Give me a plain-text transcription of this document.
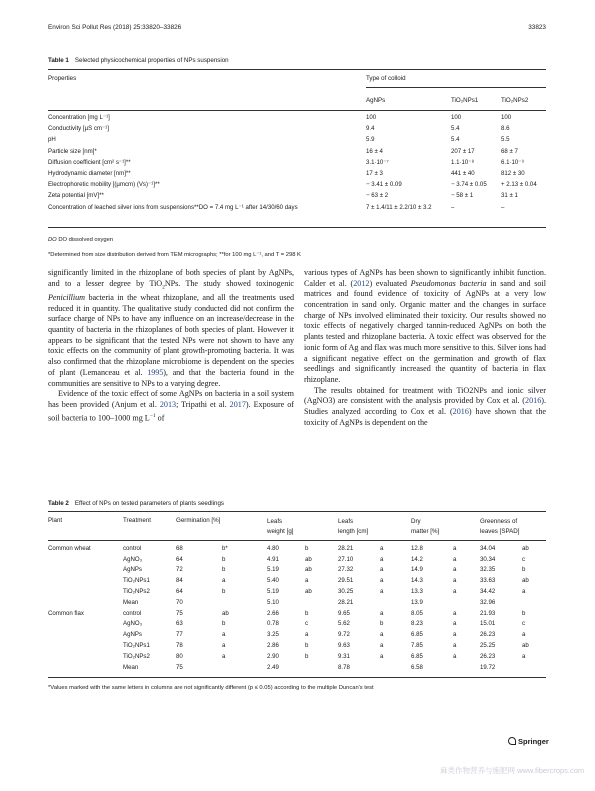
Environ Sci Pollut Res (2018) 25:33820–33826	33823
Table 1 Selected physicochemical properties of NPs suspension
Properties	Type of colloid
AgNPs	TiO₂NPs1	TiO₂NPs2
Concentration [mg L⁻¹]	100	100	100
Conductivity [µS cm⁻¹]	9.4	5.4	8.6
pH	5.9	5.4	5.5
Particle size [nm]*	16 ± 4	207 ± 17	68 ± 7
Diffusion coefficient [cm² s⁻¹]**	3.1·10⁻⁷	1.1·10⁻⁸	6.1·10⁻⁹
Hydrodynamic diameter [nm]**	17 ± 3	441 ± 40	812 ± 30
Electrophoretic mobility [(µmcm) (Vs)⁻¹]**	− 3.41 ± 0.09	− 3.74 ± 0.05	+ 2.13 ± 0.04
Zeta potential [mV]**	− 63 ± 2	− 58 ± 1	31 ± 1
Concentration of leached silver ions from suspensions**DO = 7.4 mg L⁻¹ after 14/30/60 days	7 ± 1.4/11 ± 2.2/10 ± 3.2	–	–
DO DO dissolved oxygen
*Determined from size distribution derived from TEM micrographs; **for 100 mg L⁻¹, and T = 298 K

significantly limited in the rhizoplane of both species of plant by AgNPs, and to a lesser degree by TiO$_2$NPs. The study showed toxinogenic Penicillium bacteria in the wheat rhizoplane, and all the treatments used reduced it in quantity. The qualitative study conducted did not confirm the surface charge of NPs to have any influence on an increase/decrease in the quantity of bacteria in the rhizoplanes of both species of plant. However it appears to be significant that the tested NPs were not shown to have any toxic effects on the community of plant growth-promoting bacteria. It was also confirmed that the rhizoplane microbiome is dependent on the species of plant (Lemanceau et al. 1995), and that the bacteria found in the communities are sensitive to NPs to a varying degree.

Evidence of the toxic effect of some AgNPs on bacteria in a soil system has been provided (Anjum et al. 2013; Tripathi et al. 2017). Exposure of soil bacteria to 100–1000 mg $L^{-1}$ of

various types of AgNPs has been shown to significantly inhibit function. Calder et al. (2012) evaluated Pseudomonas bacteria in sand and soil matrices and found evidence of toxicity of AgNPs at a very low concentration in sand only. Organic matter and the changes in surface charge of NPs involved eliminated their toxicity. Our results showed no toxic effects of negatively charged tannin-reduced AgNPs on both the plants tested and rhizoplane bacteria. A toxic effect was observed for the ionic form of Ag and flax was much more sensitive to this. Silver ions had a significant negative effect on the germination and growth of flax seedlings and significantly increased the quantity of bacteria in flax rhizoplane.

The results obtained for treatment with TiO2NPs and ionic silver (AgNO3) are consistent with the analysis provided by Cox et al. (2016). Studies analyzed according to Cox et al. (2016) have shown that the toxicity of AgNPs is dependent on the

Table 2 Effect of NPs on tested parameters of plants seedlings
Plant	Treatment	Germination [%]	Leafs
weight [g]
Leafs
length [cm]
Dry
matter [%]
Greenness of
leaves [SPAD]
Common wheat	control	68	b*	4.80	b	28.21	a	12.8	a	34.04	ab
	AgNO₃	64	b	4.91	ab	27.10	a	14.2	a	30.34	c
	AgNPs	72	b	5.19	ab	27.32	a	14.9	a	32.35	b
	TiO₂NPs1	84	a	5.40	a	29.51	a	14.3	a	33.63	ab
	TiO₂NPs2	64	b	5.19	ab	30.25	a	13.3	a	34.42	a
	Mean	70		5.10		28.21		13.9		32.96	
Common flax	control	75	ab	2.66	b	9.65	a	8.05	a	21.93	b
	AgNO₃	63	b	0.78	c	5.62	b	8.23	a	15.01	c
	AgNPs	77	a	3.25	a	9.72	a	6.85	a	26.23	a
	TiO₂NPs1	78	a	2.86	b	9.63	a	7.85	a	25.25	ab
	TiO₂NPs2	80	a	2.90	b	9.31	a	6.85	a	26.23	a
	Mean	75		2.49		8.78		6.58		19.72	
*Values marked with the same letters in columns are not significantly different (p ≤ 0.05) according to the multiple Duncan's test
Springer
麻类作物营养与施肥网 www.fibercrops.com
